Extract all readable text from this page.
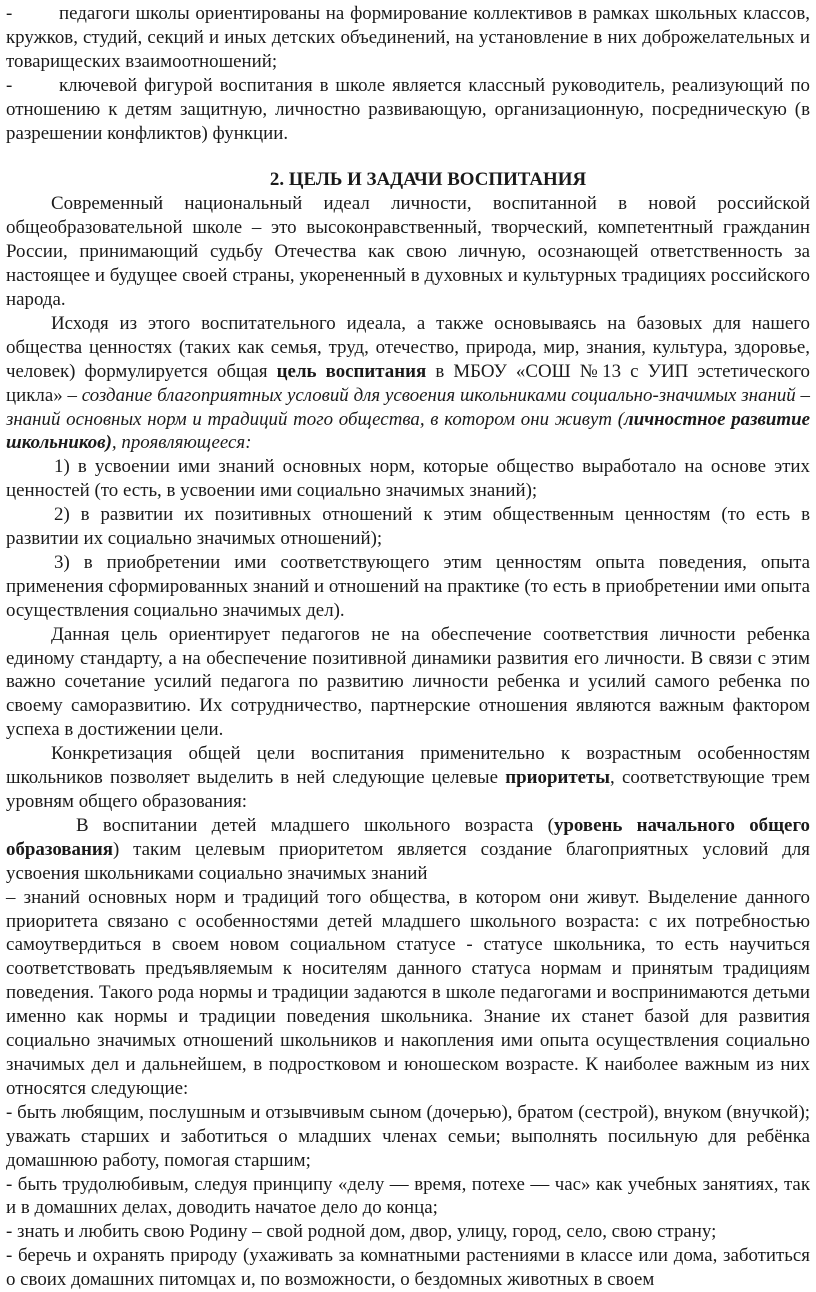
- педагоги школы ориентированы на формирование коллективов в рамках школьных классов, кружков, студий, секций и иных детских объединений, на установление в них доброжелательных и товарищеских взаимоотношений;

- ключевой фигурой воспитания в школе является классный руководитель, реализующий по отношению к детям защитную, личностно развивающую, организационную, посредническую (в разрешении конфликтов) функции.

2. ЦЕЛЬ И ЗАДАЧИ ВОСПИТАНИЯ

Современный национальный идеал личности, воспитанной в новой российской общеобразовательной школе – это высоконравственный, творческий, компетентный гражданин России, принимающий судьбу Отечества как свою личную, осознающей ответственность за настоящее и будущее своей страны, укорененный в духовных и культурных традициях российского народа.

Исходя из этого воспитательного идеала, а также основываясь на базовых для нашего общества ценностях (таких как семья, труд, отечество, природа, мир, знания, культура, здоровье, человек) формулируется общая цель воспитания в МБОУ «СОШ №13 с УИП эстетического цикла» – создание благоприятных условий для усвоения школьниками социально-значимых знаний – знаний основных норм и традиций того общества, в котором они живут (личностное развитие школьников), проявляющееся:

1) в усвоении ими знаний основных норм, которые общество выработало на основе этих ценностей (то есть, в усвоении ими социально значимых знаний);

2) в развитии их позитивных отношений к этим общественным ценностям (то есть в развитии их социально значимых отношений);

3) в приобретении ими соответствующего этим ценностям опыта поведения, опыта применения сформированных знаний и отношений на практике (то есть в приобретении ими опыта осуществления социально значимых дел).

Данная цель ориентирует педагогов не на обеспечение соответствия личности ребенка единому стандарту, а на обеспечение позитивной динамики развития его личности. В связи с этим важно сочетание усилий педагога по развитию личности ребенка и усилий самого ребенка по своему саморазвитию. Их сотрудничество, партнерские отношения являются важным фактором успеха в достижении цели.

Конкретизация общей цели воспитания применительно к возрастным особенностям школьников позволяет выделить в ней следующие целевые приоритеты, соответствующие трем уровням общего образования:

В воспитании детей младшего школьного возраста (уровень начального общего образования) таким целевым приоритетом является создание благоприятных условий для усвоения школьниками социально значимых знаний

– знаний основных норм и традиций того общества, в котором они живут. Выделение данного приоритета связано с особенностями детей младшего школьного возраста: с их потребностью самоутвердиться в своем новом социальном статусе - статусе школьника, то есть научиться соответствовать предъявляемым к носителям данного статуса нормам и принятым традициям поведения. Такого рода нормы и традиции задаются в школе педагогами и воспринимаются детьми именно как нормы и традиции поведения школьника. Знание их станет базой для развития социально значимых отношений школьников и накопления ими опыта осуществления социально значимых дел и дальнейшем, в подростковом и юношеском возрасте. К наиболее важным из них относятся следующие:

- быть любящим, послушным и отзывчивым сыном (дочерью), братом (сестрой), внуком (внучкой); уважать старших и заботиться о младших членах семьи; выполнять посильную для ребёнка домашнюю работу, помогая старшим;

- быть трудолюбивым, следуя принципу «делу — время, потехе — час» как учебных занятиях, так и в домашних делах, доводить начатое дело до конца;

- знать и любить свою Родину – свой родной дом, двор, улицу, город, село, свою страну;

- беречь и охранять природу (ухаживать за комнатными растениями в классе или дома, заботиться о своих домашних питомцах и, по возможности, о бездомных животных в своем
